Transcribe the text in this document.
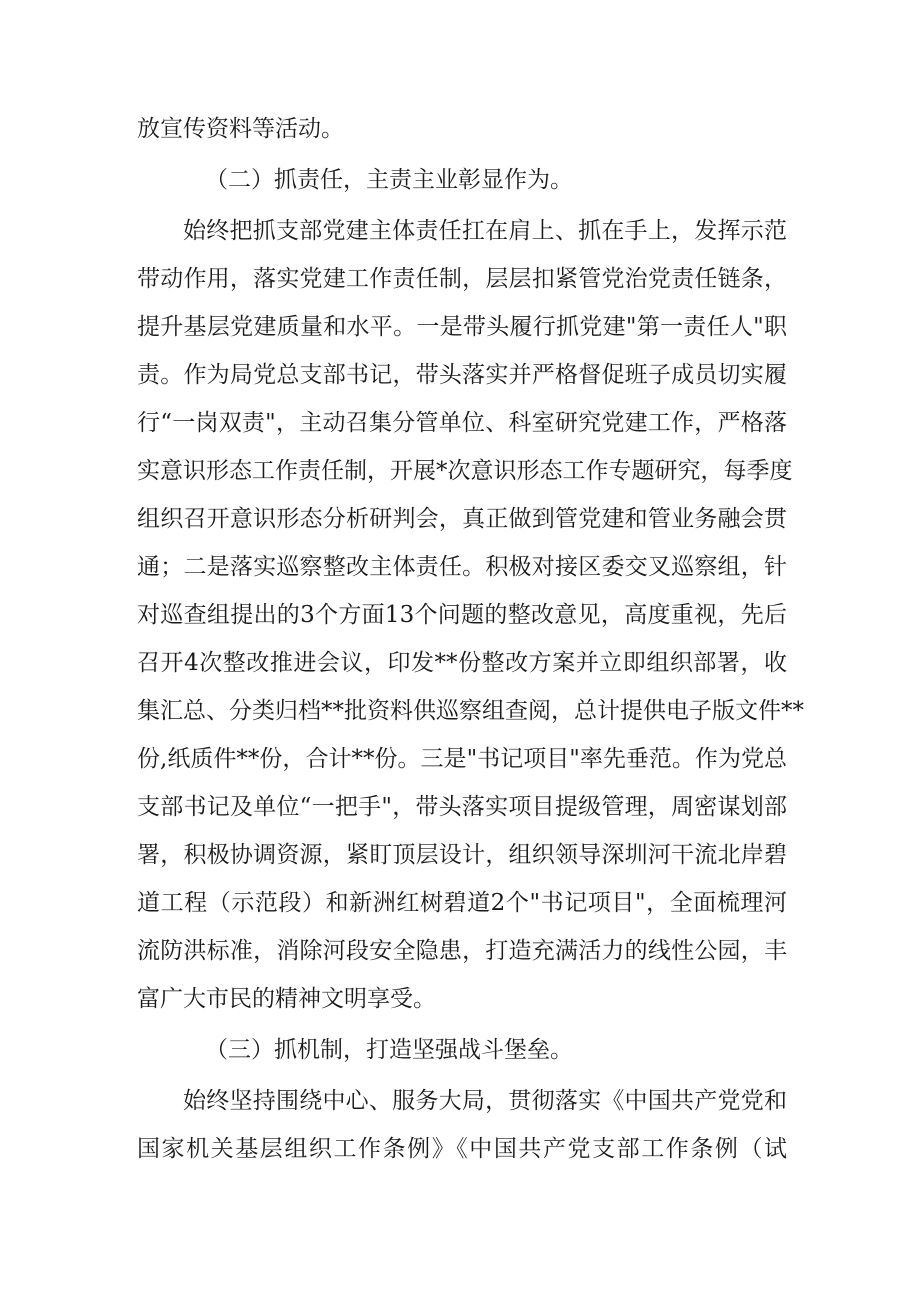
放宣传资料等活动。
（二）抓责任，主责主业彰显作为。
始终把抓支部党建主体责任扛在肩上、抓在手上，发挥示范
带动作用，落实党建工作责任制，层层扣紧管党治党责任链条，
提升基层党建质量和水平。一是带头履行抓党建"第一责任人"职
责。作为局党总支部书记，带头落实并严格督促班子成员切实履
行“一岗双责"，主动召集分管单位、科室研究党建工作，严格落
实意识形态工作责任制，开展*次意识形态工作专题研究，每季度
组织召开意识形态分析研判会，真正做到管党建和管业务融会贯
通；二是落实巡察整改主体责任。积极对接区委交叉巡察组，针
对巡查组提出的3个方面13个问题的整改意见，高度重视，先后
召开4次整改推进会议，印发**份整改方案并立即组织部署，收
集汇总、分类归档**批资料供巡察组查阅，总计提供电子版文件**
份,纸质件**份，合计**份。三是"书记项目"率先垂范。作为党总
支部书记及单位“一把手"，带头落实项目提级管理，周密谋划部
署，积极协调资源，紧盯顶层设计，组织领导深圳河干流北岸碧
道工程（示范段）和新洲红树碧道2个"书记项目"，全面梳理河
流防洪标准，消除河段安全隐患，打造充满活力的线性公园，丰
富广大市民的精神文明享受。
（三）抓机制，打造坚强战斗堡垒。
始终坚持围绕中心、服务大局，贯彻落实《中国共产党党和
国家机关基层组织工作条例》《中国共产党支部工作条例（试
